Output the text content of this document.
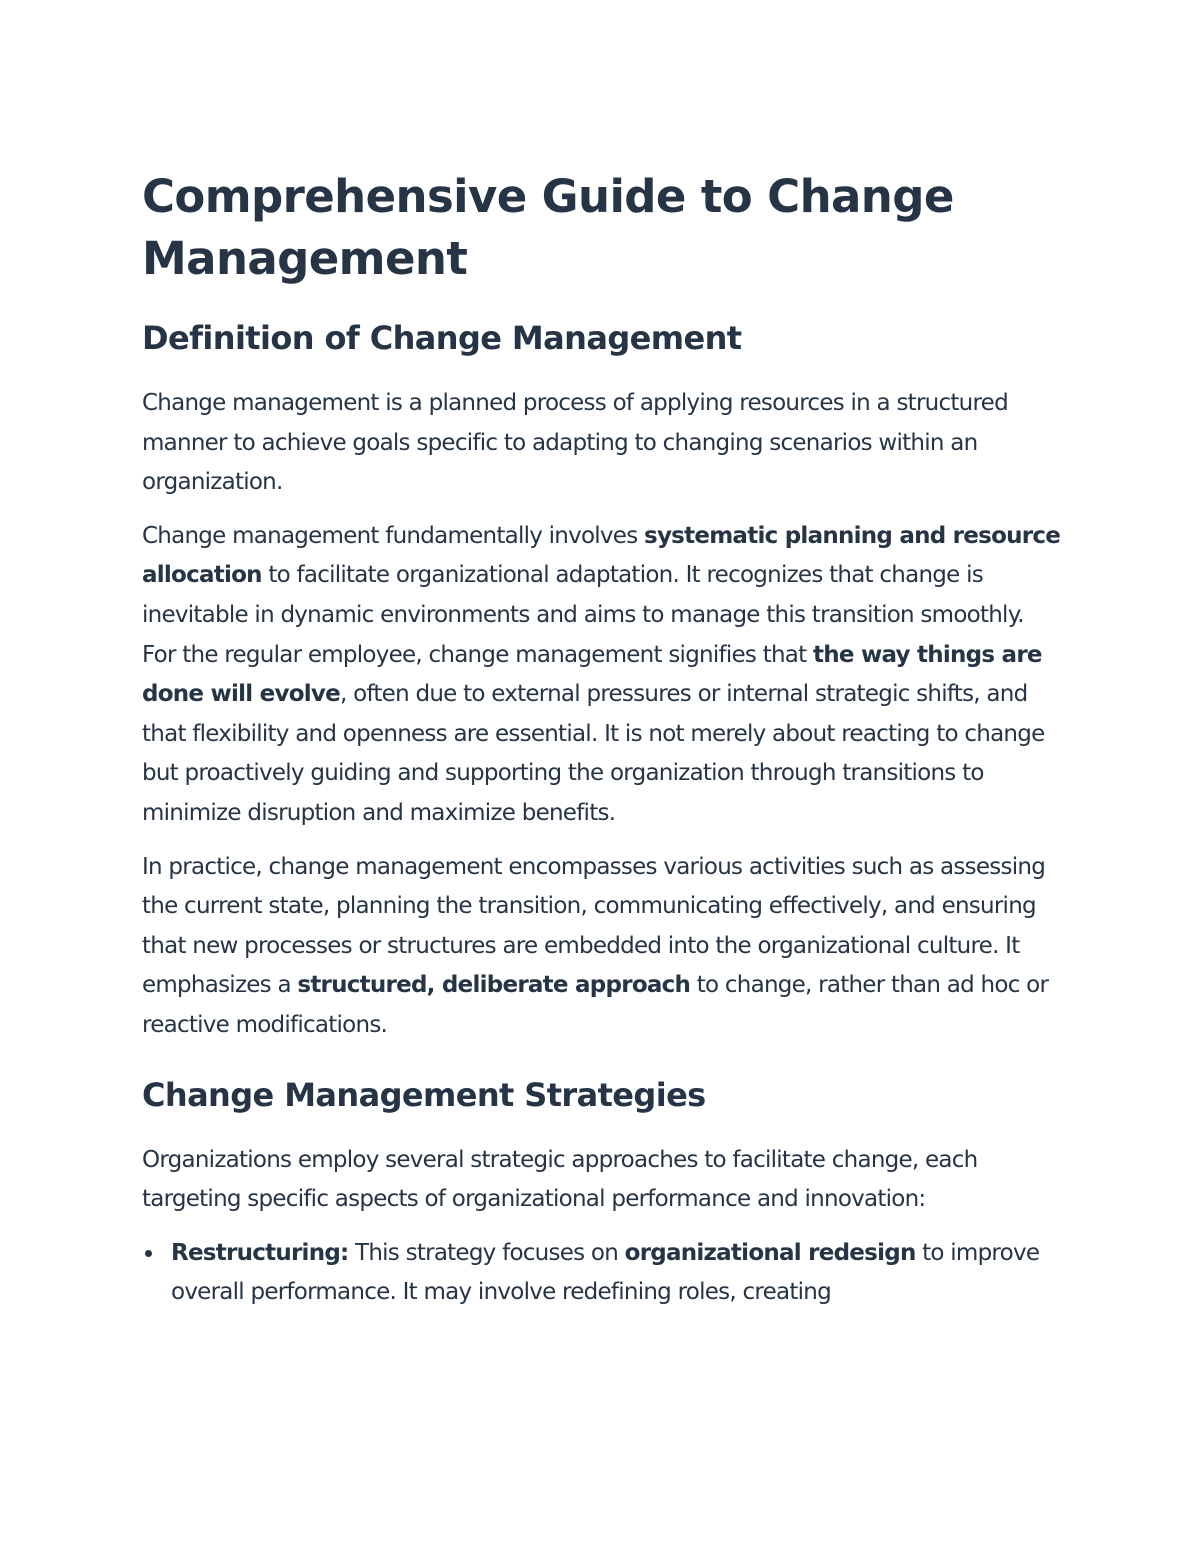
Comprehensive Guide to Change Management
Definition of Change Management

Change management is a planned process of applying resources in a structured manner to achieve goals specific to adapting to changing scenarios within an organization.

Change management fundamentally involves systematic planning and resource allocation to facilitate organizational adaptation. It recognizes that change is inevitable in dynamic environments and aims to manage this transition smoothly. For the regular employee, change management signifies that the way things are done will evolve, often due to external pressures or internal strategic shifts, and that flexibility and openness are essential. It is not merely about reacting to change but proactively guiding and supporting the organization through transitions to minimize disruption and maximize benefits.

In practice, change management encompasses various activities such as assessing the current state, planning the transition, communicating effectively, and ensuring that new processes or structures are embedded into the organizational culture. It emphasizes a structured, deliberate approach to change, rather than ad hoc or reactive modifications.

Change Management Strategies

Organizations employ several strategic approaches to facilitate change, each targeting specific aspects of organizational performance and innovation:

Restructuring: This strategy focuses on organizational redesign to improve overall performance. It may involve redefining roles, creating
